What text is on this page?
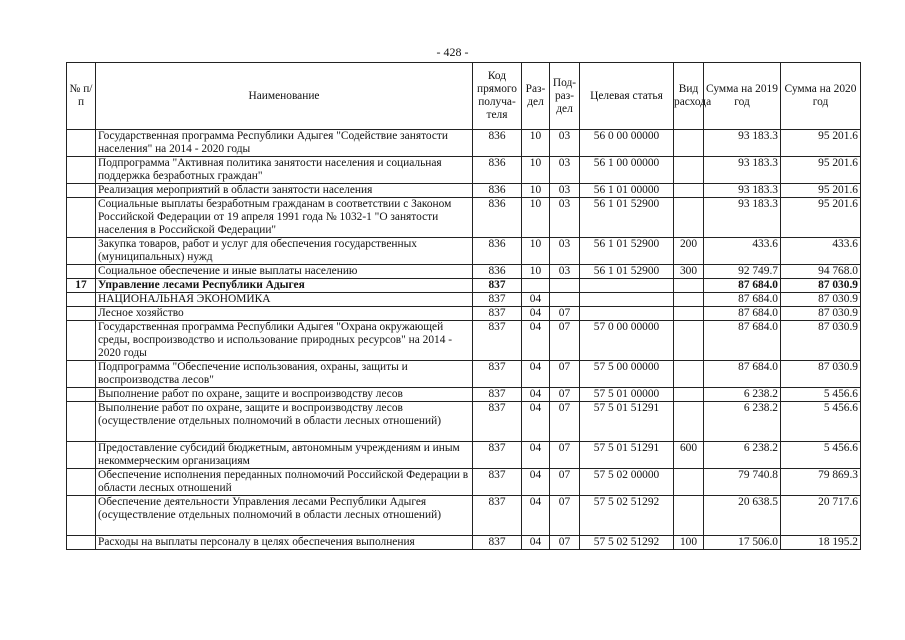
- 428 -
№ п/п	Наименование	Код прямого получа-теля	Раз-дел	Под-раз-дел	Целевая статья	Вид расхода	Сумма на 2019 год	Сумма на 2020 год
	Государственная программа Республики Адыгея "Содействие занятости населения" на 2014 - 2020 годы	836	10	03	56 0 00 00000		93 183.3	95 201.6
	Подпрограмма "Активная политика занятости населения и социальная поддержка безработных граждан"	836	10	03	56 1 00 00000		93 183.3	95 201.6
	Реализация мероприятий в области занятости населения	836	10	03	56 1 01 00000		93 183.3	95 201.6
	Социальные выплаты безработным гражданам в соответствии с Законом Российской Федерации от 19 апреля 1991 года № 1032-1 "О занятости населения в Российской Федерации"	836	10	03	56 1 01 52900		93 183.3	95 201.6
	Закупка товаров, работ и услуг для обеспечения государственных (муниципальных) нужд	836	10	03	56 1 01 52900	200	433.6	433.6
	Социальное обеспечение и иные выплаты населению	836	10	03	56 1 01 52900	300	92 749.7	94 768.0
17	Управление лесами Республики Адыгея	837					87 684.0	87 030.9
	НАЦИОНАЛЬНАЯ ЭКОНОМИКА	837	04				87 684.0	87 030.9
	Лесное хозяйство	837	04	07			87 684.0	87 030.9
	Государственная программа Республики Адыгея "Охрана окружающей среды, воспроизводство и использование природных ресурсов" на 2014 - 2020 годы	837	04	07	57 0 00 00000		87 684.0	87 030.9
	Подпрограмма "Обеспечение использования, охраны, защиты и воспроизводства лесов"	837	04	07	57 5 00 00000		87 684.0	87 030.9
	Выполнение работ по охране, защите и воспроизводству лесов	837	04	07	57 5 01 00000		6 238.2	5 456.6
	Выполнение работ по охране, защите и воспроизводству лесов (осуществление отдельных полномочий в области лесных отношений)	837	04	07	57 5 01 51291		6 238.2	5 456.6
	Предоставление субсидий бюджетным, автономным учреждениям и иным некоммерческим организациям	837	04	07	57 5 01 51291	600	6 238.2	5 456.6
	Обеспечение исполнения переданных полномочий Российской Федерации в области лесных отношений	837	04	07	57 5 02 00000		79 740.8	79 869.3
	Обеспечение деятельности Управления лесами Республики Адыгея (осуществление отдельных полномочий в области лесных отношений)	837	04	07	57 5 02 51292		20 638.5	20 717.6
	Расходы на выплаты персоналу в целях обеспечения выполнения	837	04	07	57 5 02 51292	100	17 506.0	18 195.2
